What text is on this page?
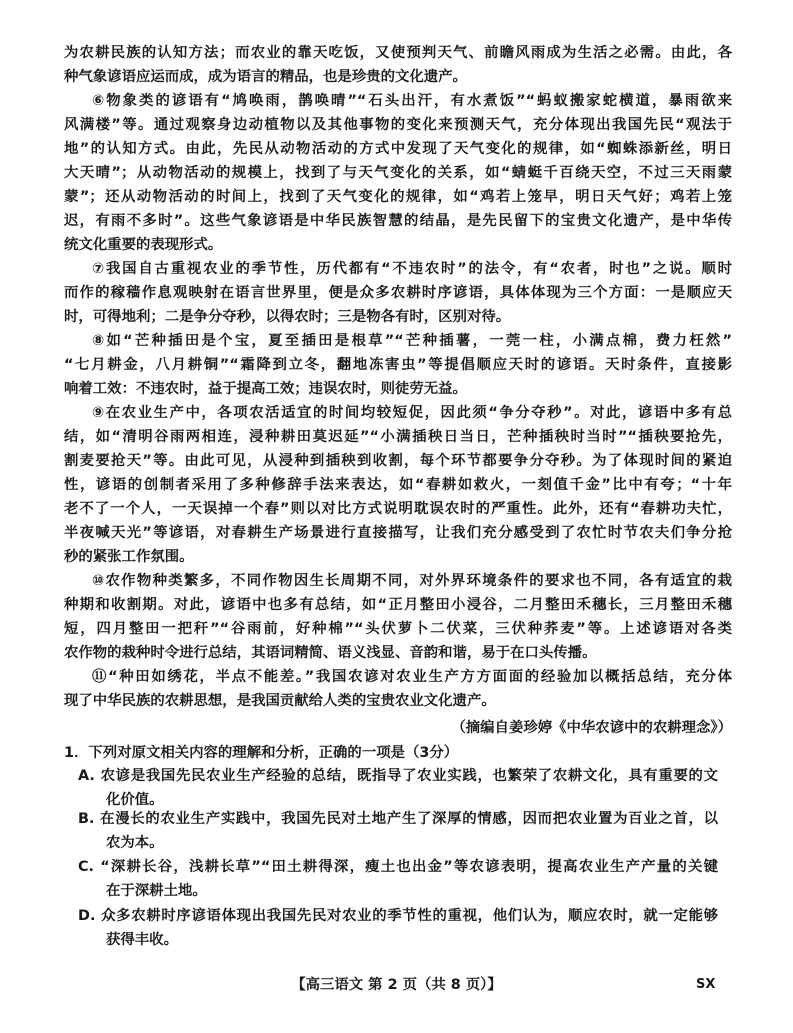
为农耕民族的认知方法；而农业的靠天吃饭，又使预判天气、前瞻风雨成为生活之必需。由此，各
种气象谚语应运而成，成为语言的精品，也是珍贵的文化遗产。
⑥物象类的谚语有“鸠唤雨，鹊唤晴”“石头出汗，有水煮饭”“蚂蚁搬家蛇横道，暴雨欲来
风满楼”等。通过观察身边动植物以及其他事物的变化来预测天气，充分体现出我国先民“观法于
地”的认知方式。由此，先民从动物活动的方式中发现了天气变化的规律，如“蜘蛛添新丝，明日
大天晴”；从动物活动的规模上，找到了与天气变化的关系，如“蜻蜓千百绕天空，不过三天雨蒙
蒙”；还从动物活动的时间上，找到了天气变化的规律，如“鸡若上笼早，明日天气好；鸡若上笼
迟，有雨不多时”。这些气象谚语是中华民族智慧的结晶，是先民留下的宝贵文化遗产，是中华传
统文化重要的表现形式。
⑦我国自古重视农业的季节性，历代都有“不违农时”的法令，有“农者，时也”之说。顺时
而作的稼穑作息观映射在语言世界里，便是众多农耕时序谚语，具体体现为三个方面：一是顺应天
时，可得地利；二是争分夺秒，以得农时；三是物各有时，区别对待。
⑧如“芒种插田是个宝，夏至插田是根草”“芒种插薯，一莞一柱，小满点棉，费力枉然”
“七月耕金，八月耕铜”“霜降到立冬，翻地冻害虫”等提倡顺应天时的谚语。天时条件，直接影
响着工效：不违农时，益于提高工效；违误农时，则徒劳无益。
⑨在农业生产中，各项农活适宜的时间均较短促，因此须“争分夺秒”。对此，谚语中多有总
结，如“清明谷雨两相连，浸种耕田莫迟延”“小满插秧日当日，芒种插秧时当时”“插秧要抢先，
割麦要抢天”等。由此可见，从浸种到插秧到收割，每个环节都要争分夺秒。为了体现时间的紧迫
性，谚语的创制者采用了多种修辞手法来表达，如“春耕如救火，一刻值千金”比中有夸；“十年
老不了一个人，一天误掉一个春”则以对比方式说明耽误农时的严重性。此外，还有“春耕功夫忙，
半夜喊天光”等谚语，对春耕生产场景进行直接描写，让我们充分感受到了农忙时节农夫们争分抢
秒的紧张工作氛围。
⑩农作物种类繁多，不同作物因生长周期不同，对外界环境条件的要求也不同，各有适宜的栽
种期和收割期。对此，谚语中也多有总结，如“正月整田小浸谷，二月整田禾穗长，三月整田禾穗
短，四月整田一把秆”“谷雨前，好种棉”“头伏萝卜二伏菜，三伏种荞麦”等。上述谚语对各类
农作物的栽种时令进行总结，其语词精简、语义浅显、音韵和谐，易于在口头传播。
⑪“种田如绣花，半点不能差。”我国农谚对农业生产方方面面的经验加以概括总结，充分体
现了中华民族的农耕思想，是我国贡献给人类的宝贵农业文化遗产。
（摘编自姜珍婷《中华农谚中的农耕理念》）
1．下列对原文相关内容的理解和分析，正确的一项是（3分）
A. 农谚是我国先民农业生产经验的总结，既指导了农业实践，也繁荣了农耕文化，具有重要的文
化价值。
B. 在漫长的农业生产实践中，我国先民对土地产生了深厚的情感，因而把农业置为百业之首，以
农为本。
C. “深耕长谷，浅耕长草”“田土耕得深，瘦土也出金”等农谚表明，提高农业生产产量的关键
在于深耕土地。
D. 众多农耕时序谚语体现出我国先民对农业的季节性的重视，他们认为，顺应农时，就一定能够
获得丰收。
【高三语文 第 2 页（共 8 页）】	SX
